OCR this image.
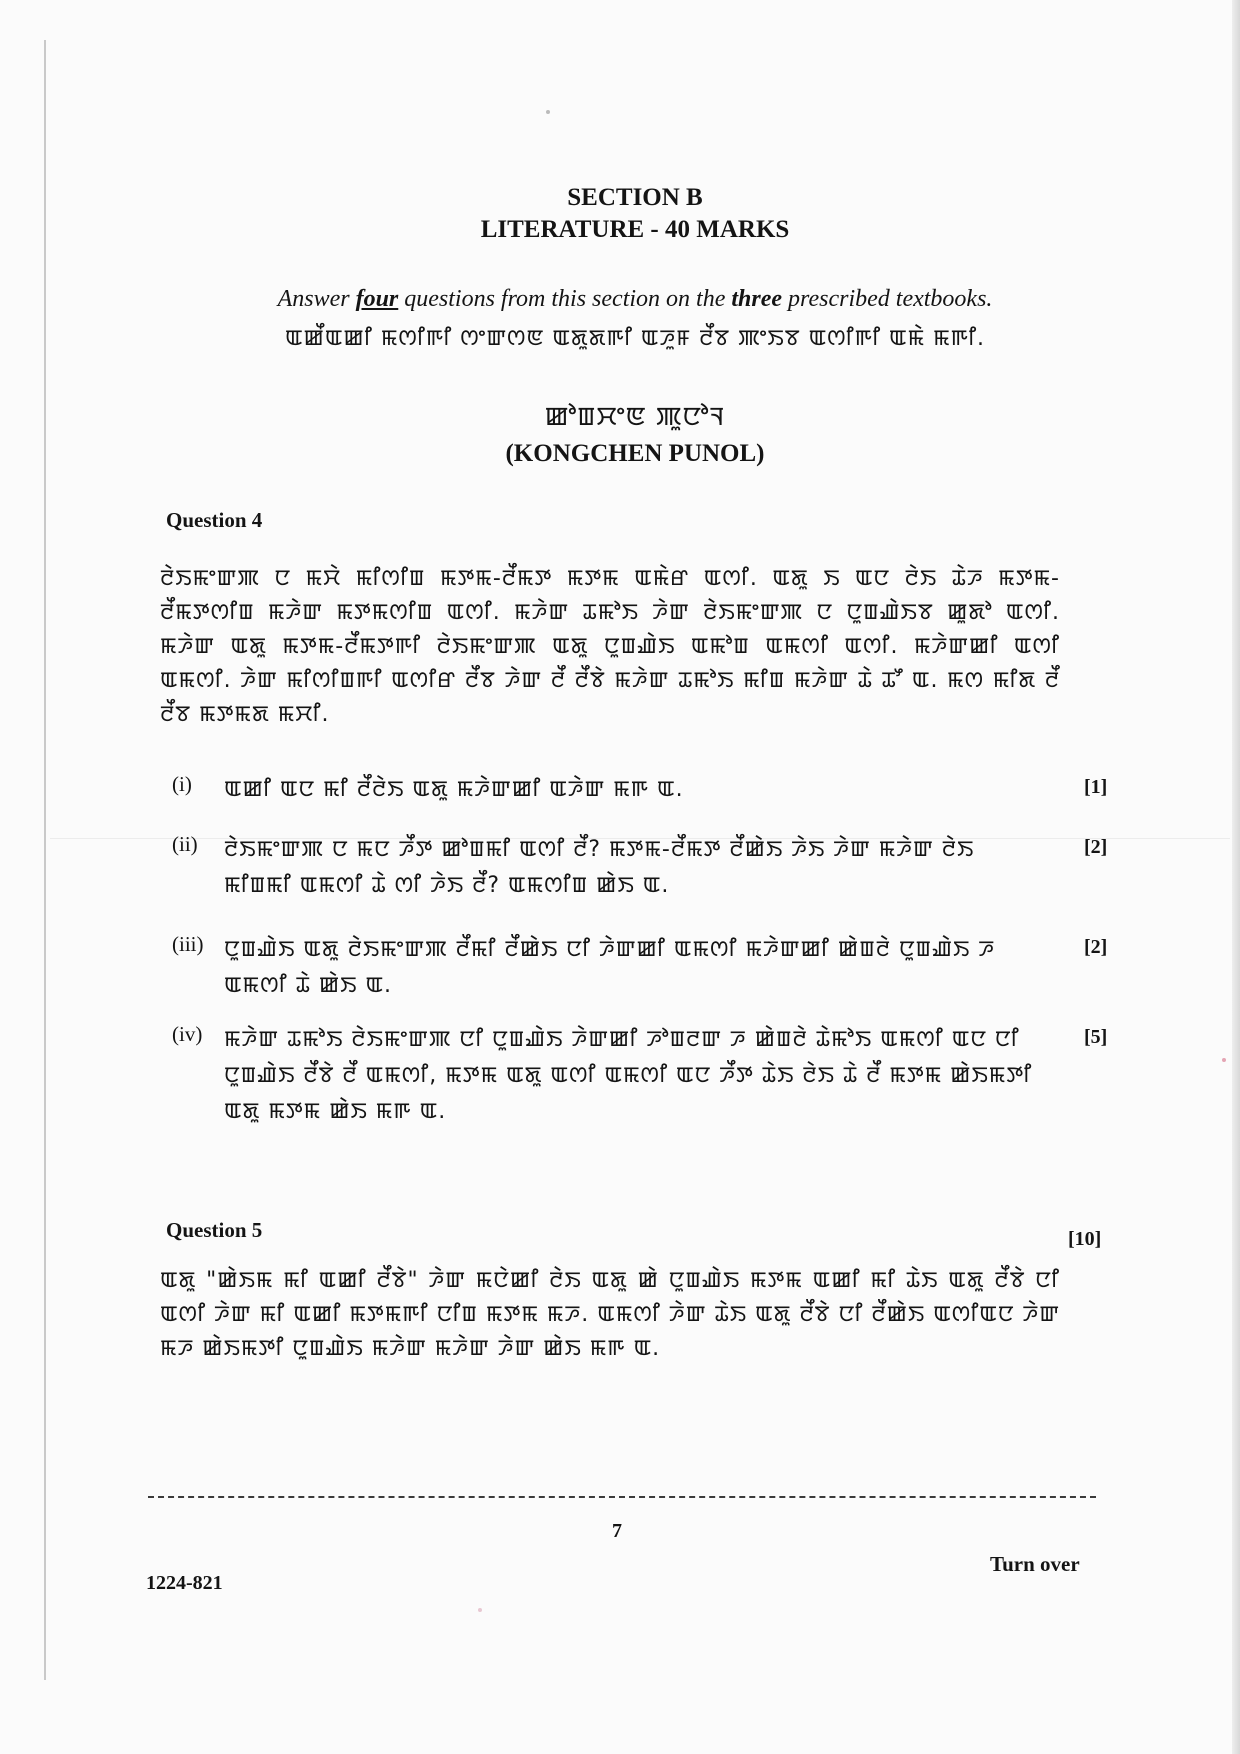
SECTION B
LITERATURE - 40 MARKS
Answer four questions from this section on the three prescribed textbooks.
ꯑꯀꯩꯑꯀꯤ ꯃꯁꯤꯒꯤ ꯁꯦꯛꯁꯟ ꯑꯗꯨꯗꯒꯤ ꯑꯍꯨꯝ ꯂꯩꯕ ꯄꯦꯏꯕ ꯑꯁꯤꯒꯤ ꯑꯃꯥ ꯃꯒꯤ.
ꯀꯣꯡꯆꯦꯟ ꯄꯨꯅꯣꯜ
(KONGCHEN PUNOL)
Question 4
ꯂꯥꯏꯃꯦꯛꯄ ꯅ ꯃꯆꯥ ꯃꯤꯁꯤꯡ ꯃꯇꯃ-ꯂꯩꯃꯇ ꯃꯇꯃ ꯑꯃꯥꯔ ꯑꯁꯤ. ꯑꯗꯨ ꯏ ꯑꯅ ꯂꯥꯏ ꯊꯥꯍ ꯃꯇꯃ-ꯂꯩꯃꯇꯁꯤꯡ ꯃꯍꯥꯛ ꯃꯇꯃꯁꯤꯡ ꯑꯁꯤ. ꯃꯍꯥꯛ ꯊꯃꯣꯏ ꯍꯥꯛ ꯂꯥꯏꯃꯦꯛꯄ ꯅ ꯅꯨꯡꯉꯥꯏꯕ ꯀꯨꯗꯣ ꯑꯁꯤ. ꯃꯍꯥꯛ ꯑꯗꯨ ꯃꯇꯃ-ꯂꯩꯃꯇꯒꯤ ꯂꯥꯏꯃꯦꯛꯄ ꯑꯗꯨ ꯅꯨꯡꯉꯥꯏ ꯑꯃꯣꯡ ꯑꯃꯁꯤ ꯑꯁꯤ. ꯃꯍꯥꯛꯀꯤ ꯑꯁꯤ ꯑꯃꯁꯤ. ꯍꯥꯛ ꯃꯤꯁꯤꯡꯒꯤ ꯑꯁꯤꯔ ꯂꯩꯕ ꯍꯥꯛ ꯂꯩ ꯂꯩꯕꯥ ꯃꯍꯥꯛ ꯊꯃꯣꯏ ꯃꯤꯡ ꯃꯍꯥꯛ ꯊꯥ ꯊꯧ ꯑ. ꯃꯁ ꯃꯤꯗ ꯂꯩ ꯂꯩꯕ ꯃꯇꯃꯗ ꯃꯆꯤ.
(i) ꯑꯀꯤ ꯑꯅ ꯃꯤ ꯂꯩꯂꯥꯏ ꯑꯗꯨ ꯃꯍꯥꯛꯀꯤ ꯑꯍꯥꯛ ꯃꯒ ꯑ.	[1]
(ii) ꯂꯥꯏꯃꯦꯛꯄ ꯅ ꯃꯅ ꯍꯩꯇ ꯀꯣꯡꯃꯤ ꯑꯁꯤ ꯂꯩ? ꯃꯇꯃ-ꯂꯩꯃꯇ ꯂꯩꯀꯥꯏ ꯍꯥꯏ ꯍꯥꯛ ꯃꯍꯥꯛ ꯂꯥꯏ ꯃꯤꯡꯃꯤ ꯑꯃꯁꯤ ꯊꯥ ꯁꯤ ꯍꯥꯏ ꯂꯩ? ꯑꯃꯁꯤꯡ ꯀꯥꯏ ꯑ.
[2]
(iii) ꯅꯨꯡꯉꯥꯏ ꯑꯗꯨ ꯂꯥꯏꯃꯦꯛꯄ ꯂꯩꯃꯤ ꯂꯩꯀꯥꯏ ꯅꯤ ꯍꯥꯛꯀꯤ ꯑꯃꯁꯤ ꯃꯍꯥꯛꯀꯤ ꯀꯥꯡꯂꯥ ꯅꯨꯡꯉꯥꯏ ꯍ ꯑꯃꯁꯤ ꯊꯥ ꯀꯥꯏ ꯑ.
[2]
(iv) ꯃꯍꯥꯛ ꯊꯃꯣꯏ ꯂꯥꯏꯃꯦꯛꯄ ꯅꯤ ꯅꯨꯡꯉꯥꯏ ꯍꯥꯛꯀꯤ ꯍꯣꯡꯂꯛ ꯍ ꯀꯥꯡꯂꯥ ꯊꯥꯃꯣꯏ ꯑꯃꯁꯤ ꯑꯅ ꯅꯤ ꯅꯨꯡꯉꯥꯏ ꯂꯩꯕꯥ ꯂꯩ ꯑꯃꯁꯤ, ꯃꯇꯃ ꯑꯗꯨ ꯑꯁꯤ ꯑꯃꯁꯤ ꯑꯅ ꯍꯩꯇ ꯊꯥꯏ ꯂꯥꯏ ꯊꯥ ꯂꯩ ꯃꯇꯃ ꯀꯥꯏꯃꯇꯤ ꯑꯗꯨ ꯃꯇꯃ ꯀꯥꯏ ꯃꯒ ꯑ.
[5]
Question 5	[10]
ꯑꯗꯨ "ꯀꯥꯏꯃ ꯃꯤ ꯑꯀꯤ ꯂꯩꯕꯥ" ꯍꯥꯛ ꯃꯅꯥꯀꯤ ꯂꯥꯏ ꯑꯗꯨ ꯀꯥ ꯅꯨꯡꯉꯥꯏ ꯃꯇꯃ ꯑꯀꯤ ꯃꯤ ꯊꯥꯏ ꯑꯗꯨ ꯂꯩꯕꯥ ꯅꯤ ꯑꯁꯤ ꯍꯥꯛ ꯃꯤ ꯑꯀꯤ ꯃꯇꯃꯒꯤ ꯅꯤꯡ ꯃꯇꯃ ꯃꯍ. ꯑꯃꯁꯤ ꯍꯥꯛ ꯊꯥꯏ ꯑꯗꯨ ꯂꯩꯕꯥ ꯅꯤ ꯂꯩꯀꯥꯏ ꯑꯁꯤꯑꯅ ꯍꯥꯛ ꯃꯍ ꯀꯥꯏꯃꯇꯤ ꯅꯨꯡꯉꯥꯏ ꯃꯍꯥꯛ ꯃꯍꯥꯛ ꯍꯥꯛ ꯀꯥꯏ ꯃꯒ ꯑ.
7
1224-821
Turn over
